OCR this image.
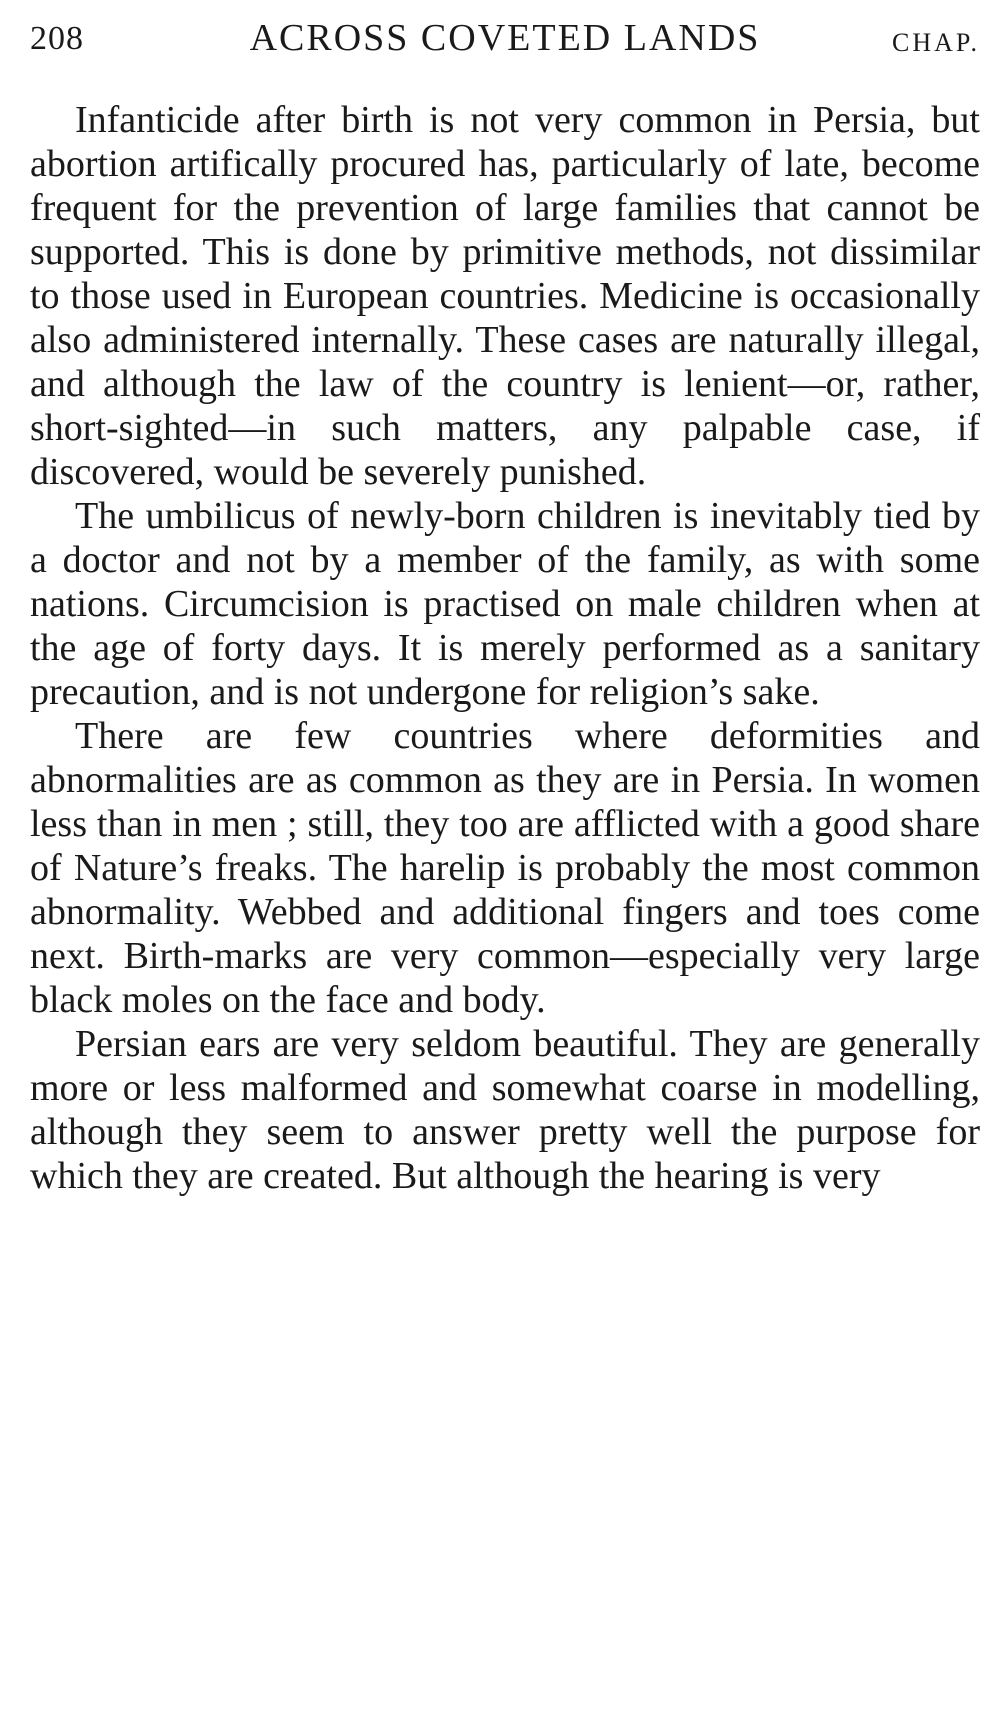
208	ACROSS COVETED LANDS	CHAP.

Infanticide after birth is not very common in Persia, but abortion artifically procured has, particularly of late, become frequent for the prevention of large families that cannot be supported. This is done by primitive methods, not dissimilar to those used in European countries. Medicine is occasionally also administered internally. These cases are naturally illegal, and although the law of the country is lenient—or, rather, short-sighted—in such matters, any palpable case, if discovered, would be severely punished.

The umbilicus of newly-born children is inevitably tied by a doctor and not by a member of the family, as with some nations. Circumcision is practised on male children when at the age of forty days. It is merely performed as a sanitary precaution, and is not undergone for religion’s sake.

There are few countries where deformities and abnormalities are as common as they are in Persia. In women less than in men ; still, they too are afflicted with a good share of Nature’s freaks. The harelip is probably the most common abnormality. Webbed and additional fingers and toes come next. Birth-marks are very common—especially very large black moles on the face and body.

Persian ears are very seldom beautiful. They are generally more or less malformed and somewhat coarse in modelling, although they seem to answer pretty well the purpose for which they are created. But although the hearing is very
